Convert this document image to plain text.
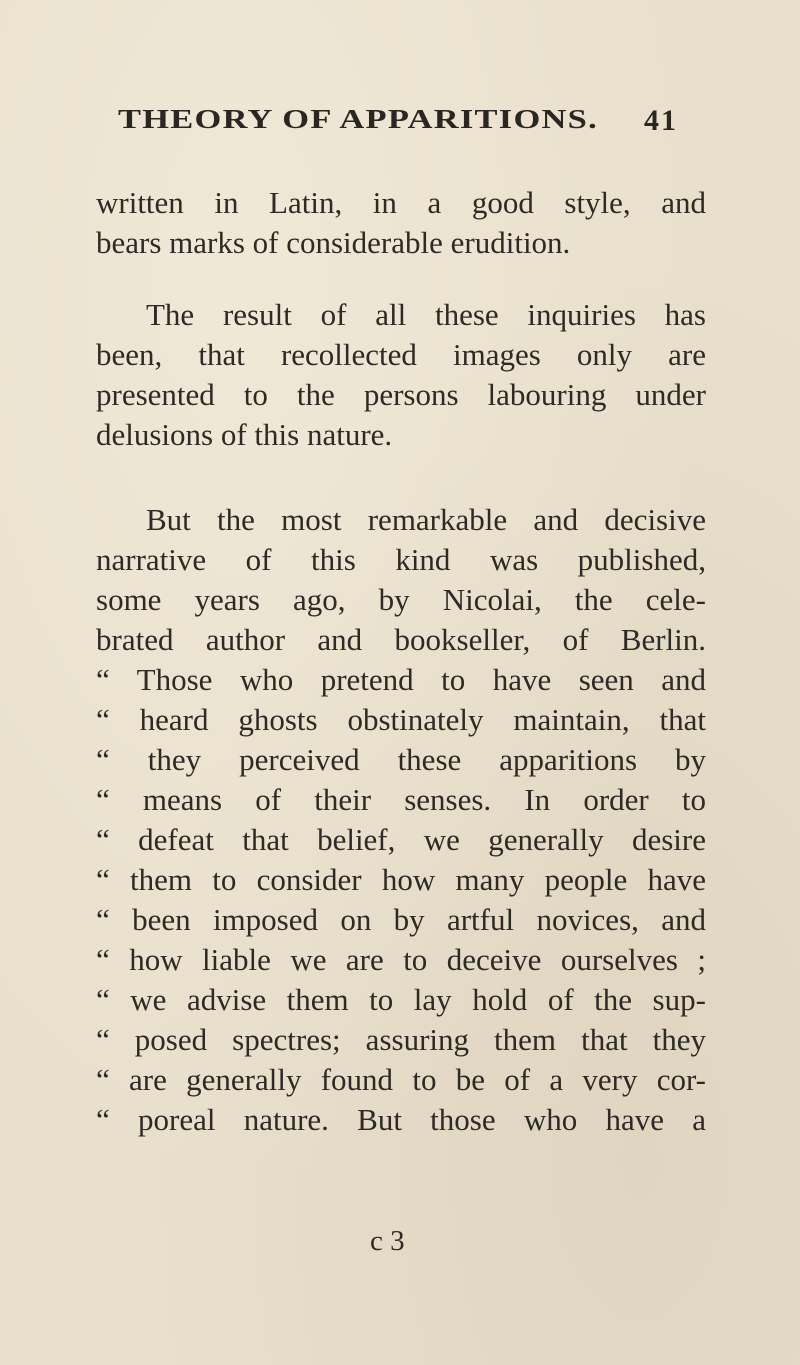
THEORY OF APPARITIONS. 41
written in Latin, in a good style, and
bears marks of considerable erudition.
The result of all these inquiries has
been, that recollected images only are
presented to the persons labouring under
delusions of this nature.
But the most remarkable and decisive
narrative of this kind was published,
some years ago, by Nicolai, the cele-
brated author and bookseller, of Berlin.
“ Those who pretend to have seen and
“ heard ghosts obstinately maintain, that
“ they perceived these apparitions by
“ means of their senses. In order to
“ defeat that belief, we generally desire
“ them to consider how many people have
“ been imposed on by artful novices, and
“ how liable we are to deceive ourselves ;
“ we advise them to lay hold of the sup-
“ posed spectres; assuring them that they
“ are generally found to be of a very cor-
“ poreal nature. But those who have a
c 3
